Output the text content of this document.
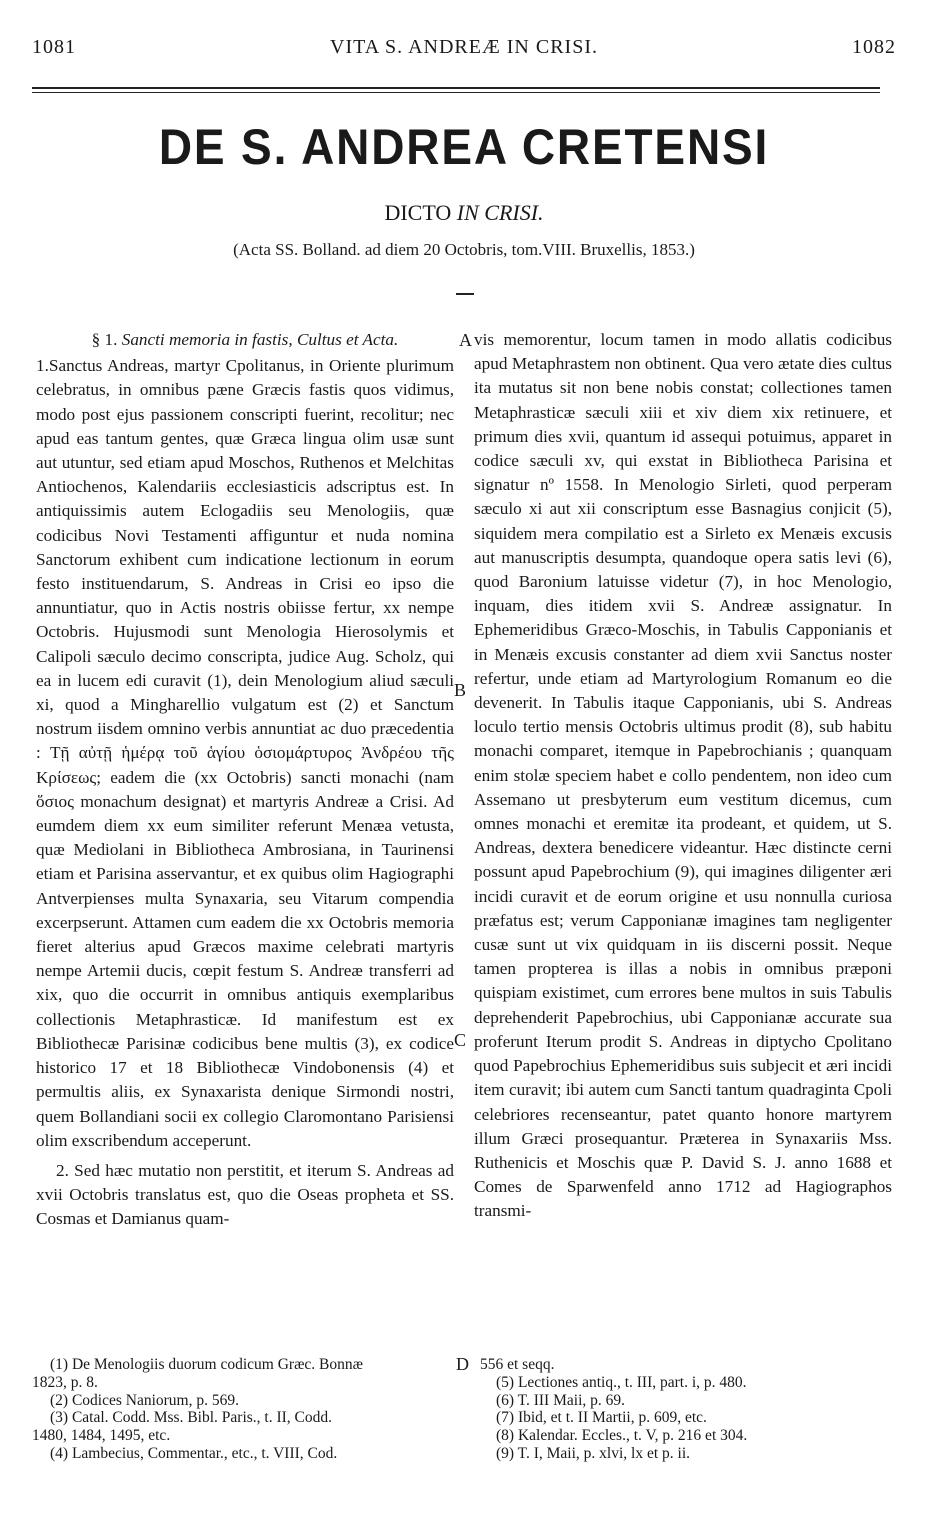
1081	VITA S. ANDREÆ IN CRISI.	1082
DE S. ANDREA CRETENSI
DICTO IN CRISI.
(Acta SS. Bolland. ad diem 20 Octobris, tom.VIII. Bruxellis, 1853.)

§ 1. Sancti memoria in fastis, Cultus et Acta.

1.Sanctus Andreas, martyr Cpolitanus, in Oriente plurimum celebratus, in omnibus pæne Græcis fastis quos vidimus, modo post ejus passionem conscripti fuerint, recolitur; nec apud eas tantum gentes, quæ Græca lingua olim usæ sunt aut utuntur, sed etiam apud Moschos, Ruthenos et Melchitas Antiochenos, Kalendariis ecclesiasticis adscriptus est. In antiquissimis autem Eclogadiis seu Menologiis, quæ codicibus Novi Testamenti affiguntur et nuda nomina Sanctorum exhibent cum indicatione lectionum in eorum festo instituendarum, S. Andreas in Crisi eo ipso die annuntiatur, quo in Actis nostris obiisse fertur, xx nempe Octobris. Hujusmodi sunt Menologia Hierosolymis et Calipoli sæculo decimo conscripta, judice Aug. Scholz, qui ea in lucem edi curavit (1), dein Menologium aliud sæculi xi, quod a Mingharellio vulgatum est (2) et Sanctum nostrum iisdem omnino verbis annuntiat ac duo præcedentia : Τῇ αὐτῇ ἡμέρᾳ τοῦ ἁγίου ὁσιομάρτυρος Ἀνδρέου τῆς Κρίσεως; eadem die (xx Octobris) sancti monachi (nam ὅσιος monachum designat) et martyris Andreæ a Crisi. Ad eumdem diem xx eum similiter referunt Menæa vetusta, quæ Mediolani in Bibliotheca Ambrosiana, in Taurinensi etiam et Parisina asservantur, et ex quibus olim Hagiographi Antverpienses multa Synaxaria, seu Vitarum compendia excerpserunt. Attamen cum eadem die xx Octobris memoria fieret alterius apud Græcos maxime celebrati martyris nempe Artemii ducis, cœpit festum S. Andreæ transferri ad xix, quo die occurrit in omnibus antiquis exemplaribus collectionis Metaphrasticæ. Id manifestum est ex Bibliothecæ Parisinæ codicibus bene multis (3), ex codice historico 17 et 18 Bibliothecæ Vindobonensis (4) et permultis aliis, ex Synaxarista denique Sirmondi nostri, quem Bollandiani socii ex collegio Claromontano Parisiensi olim exscribendum acceperunt.

2. Sed hæc mutatio non perstitit, et iterum S. Andreas ad xvii Octobris translatus est, quo die Oseas propheta et SS. Cosmas et Damianus quam-

vis memorentur, locum tamen in modo allatis codicibus apud Metaphrastem non obtinent. Qua vero ætate dies cultus ita mutatus sit non bene nobis constat; collectiones tamen Metaphrasticæ sæculi xiii et xiv diem xix retinuere, et primum dies xvii, quantum id assequi potuimus, apparet in codice sæculi xv, qui exstat in Bibliotheca Parisina et signatur nº 1558. In Menologio Sirleti, quod perperam sæculo xi aut xii conscriptum esse Basnagius conjicit (5), siquidem mera compilatio est a Sirleto ex Menæis excusis aut manuscriptis desumpta, quandoque opera satis levi (6), quod Baronium latuisse videtur (7), in hoc Menologio, inquam, dies itidem xvii S. Andreæ assignatur. In Ephemeridibus Græco-Moschis, in Tabulis Capponianis et in Menæis excusis constanter ad diem xvii Sanctus noster refertur, unde etiam ad Martyrologium Romanum eo die devenerit. In Tabulis itaque Capponianis, ubi S. Andreas loculo tertio mensis Octobris ultimus prodit (8), sub habitu monachi comparet, itemque in Papebrochianis ; quanquam enim stolæ speciem habet e collo pendentem, non ideo cum Assemano ut presbyterum eum vestitum dicemus, cum omnes monachi et eremitæ ita prodeant, et quidem, ut S. Andreas, dextera benedicere videantur. Hæc distincte cerni possunt apud Papebrochium (9), qui imagines diligenter æri incidi curavit et de eorum origine et usu nonnulla curiosa præfatus est; verum Capponianæ imagines tam negligenter cusæ sunt ut vix quidquam in iis discerni possit. Neque tamen propterea is illas a nobis in omnibus præponi quispiam existimet, cum errores bene multos in suis Tabulis deprehenderit Papebrochius, ubi Capponianæ accurate sua proferunt Iterum prodit S. Andreas in diptycho Cpolitano quod Papebrochius Ephemeridibus suis subjecit et æri incidi item curavit; ibi autem cum Sancti tantum quadraginta Cpoli celebriores recenseantur, patet quanto honore martyrem illum Græci prosequantur. Præterea in Synaxariis Mss. Ruthenicis et Moschis quæ P. David S. J. anno 1688 et Comes de Sparwenfeld anno 1712 ad Hagiographos transmi-

A
B
C
D
(1) De Menologiis duorum codicum Græc. Bonnæ
1823, p. 8.
(2) Codices Naniorum, p. 569.
(3) Catal. Codd. Mss. Bibl. Paris., t. II, Codd.
1480, 1484, 1495, etc.
(4) Lambecius, Commentar., etc., t. VIII, Cod.
556 et seqq.
(5) Lectiones antiq., t. III, part. i, p. 480.
(6) T. III Maii, p. 69.
(7) Ibid, et t. II Martii, p. 609, etc.
(8) Kalendar. Eccles., t. V, p. 216 et 304.
(9) T. I, Maii, p. xlvi, lx et p. ii.
